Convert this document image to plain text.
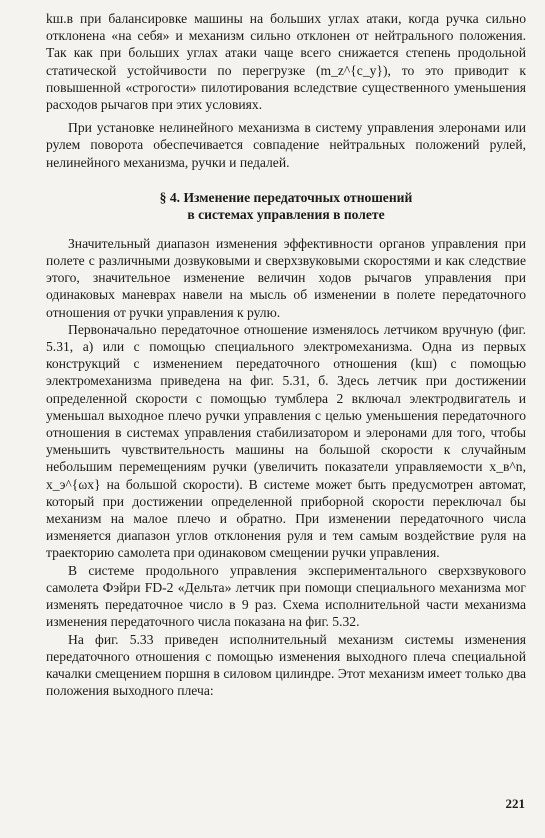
kш.в при балансировке машины на больших углах атаки, когда ручка сильно отклонена «на себя» и механизм сильно отклонен от нейтрального положения. Так как при больших углах атаки чаще всего снижается степень продольной статической устойчивости по перегрузке (m_z^{c_y}), то это приводит к повышенной «строгости» пилотирования вследствие существенного уменьшения расходов рычагов при этих условиях.

При установке нелинейного механизма в систему управления элеронами или рулем поворота обеспечивается совпадение нейтральных положений рулей, нелинейного механизма, ручки и педалей.

§ 4. Изменение передаточных отношений
в системах управления в полете

Значительный диапазон изменения эффективности органов управления при полете с различными дозвуковыми и сверхзвуковыми скоростями и как следствие этого, значительное изменение величин ходов рычагов управления при одинаковых маневрах навели на мысль об изменении в полете передаточного отношения от ручки управления к рулю.

Первоначально передаточное отношение изменялось летчиком вручную (фиг. 5.31, а) или с помощью специального электромеханизма. Одна из первых конструкций с изменением передаточного отношения (kш) с помощью электромеханизма приведена на фиг. 5.31, б. Здесь летчик при достижении определенной скорости с помощью тумблера 2 включал электродвигатель и уменьшал выходное плечо ручки управления с целью уменьшения передаточного отношения в системах управления стабилизатором и элеронами для того, чтобы уменьшить чувствительность машины на большой скорости к случайным небольшим перемещениям ручки (увеличить показатели управляемости x_в^n, x_э^{ωx} на большой скорости). В системе может быть предусмотрен автомат, который при достижении определенной приборной скорости переключал бы механизм на малое плечо и обратно. При изменении передаточного числа изменяется диапазон углов отклонения руля и тем самым воздействие руля на траекторию самолета при одинаковом смещении ручки управления.

В системе продольного управления экспериментального сверхзвукового самолета Фэйри FD-2 «Дельта» летчик при помощи специального механизма мог изменять передаточное число в 9 раз. Схема исполнительной части механизма изменения передаточного числа показана на фиг. 5.32.

На фиг. 5.33 приведен исполнительный механизм системы изменения передаточного отношения с помощью изменения выходного плеча специальной качалки смещением поршня в силовом цилиндре. Этот механизм имеет только два положения выходного плеча:

221
